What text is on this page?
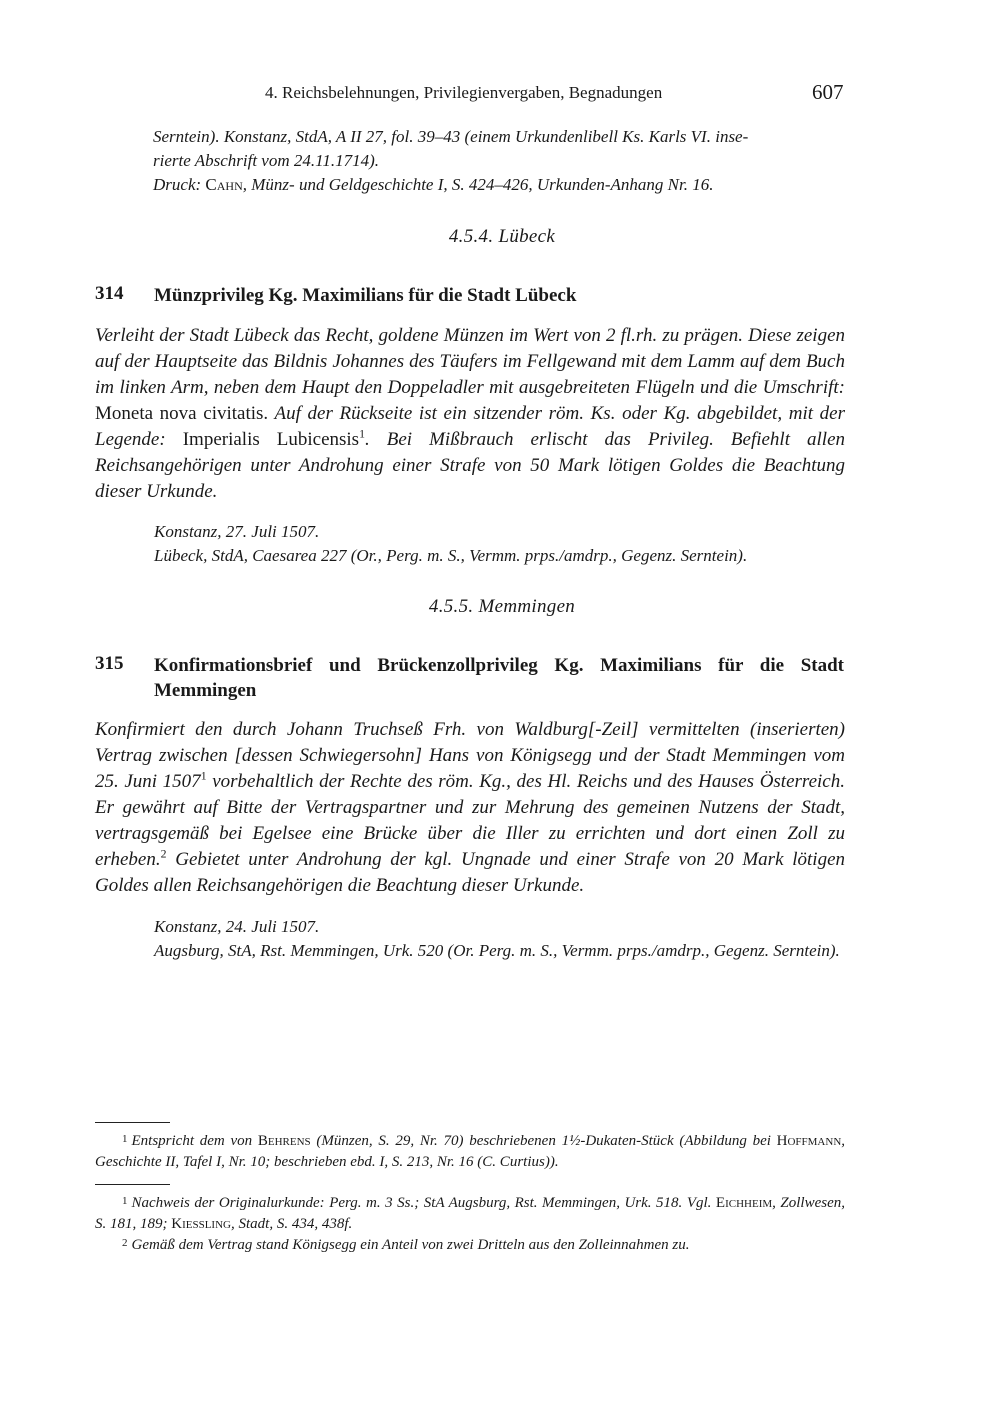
4. Reichsbelehnungen, Privilegienvergaben, Begnadungen	607
Serntein). Konstanz, StdA, A II 27, fol. 39–43 (einem Urkundenlibell Ks. Karls VI. inse-
rierte Abschrift vom 24.11.1714).
Druck: Cahn, Münz- und Geldgeschichte I, S. 424–426, Urkunden-Anhang Nr. 16.
4.5.4. Lübeck
314 Münzprivileg Kg. Maximilians für die Stadt Lübeck
Verleiht der Stadt Lübeck das Recht, goldene Münzen im Wert von 2 fl.rh. zu prägen. Diese zeigen auf der Hauptseite das Bildnis Johannes des Täufers im Fellgewand mit dem Lamm auf dem Buch im linken Arm, neben dem Haupt den Doppeladler mit ausgebreiteten Flügeln und die Umschrift: Moneta nova civitatis. Auf der Rückseite ist ein sitzender röm. Ks. oder Kg. abgebildet, mit der Legende: Imperialis Lubicensis$^1$. Bei Mißbrauch erlischt das Privileg. Befiehlt allen Reichsangehörigen unter Androhung einer Strafe von 50 Mark lötigen Goldes die Beachtung dieser Urkunde.
Konstanz, 27. Juli 1507.
Lübeck, StdA, Caesarea 227 (Or., Perg. m. S., Vermm. prps./amdrp., Gegenz. Serntein).
4.5.5. Memmingen
315 Konfirmationsbrief und Brückenzollprivileg Kg. Maximilians für die Stadt Memmingen
Konfirmiert den durch Johann Truchseß Frh. von Waldburg[-Zeil] vermittelten (inserierten) Vertrag zwischen [dessen Schwiegersohn] Hans von Königsegg und der Stadt Memmingen vom 25. Juni 1507$^1$ vorbehaltlich der Rechte des röm. Kg., des Hl. Reichs und des Hauses Österreich. Er gewährt auf Bitte der Vertragspartner und zur Mehrung des gemeinen Nutzens der Stadt, vertragsgemäß bei Egelsee eine Brücke über die Iller zu errichten und dort einen Zoll zu erheben.$^2$ Gebietet unter Androhung der kgl. Ungnade und einer Strafe von 20 Mark lötigen Goldes allen Reichsangehörigen die Beachtung dieser Urkunde.
Konstanz, 24. Juli 1507.
Augsburg, StA, Rst. Memmingen, Urk. 520 (Or. Perg. m. S., Vermm. prps./amdrp., Gegenz. Serntein).
$^1$ Entspricht dem von Behrens (Münzen, S. 29, Nr. 70) beschriebenen 1½-Dukaten-Stück (Abbildung bei Hoffmann, Geschichte II, Tafel I, Nr. 10; beschrieben ebd. I, S. 213, Nr. 16 (C. Curtius)).
$^1$ Nachweis der Originalurkunde: Perg. m. 3 Ss.; StA Augsburg, Rst. Memmingen, Urk. 518. Vgl. Eichheim, Zollwesen, S. 181, 189; Kiessling, Stadt, S. 434, 438f.
$^2$ Gemäß dem Vertrag stand Königsegg ein Anteil von zwei Dritteln aus den Zolleinnahmen zu.
